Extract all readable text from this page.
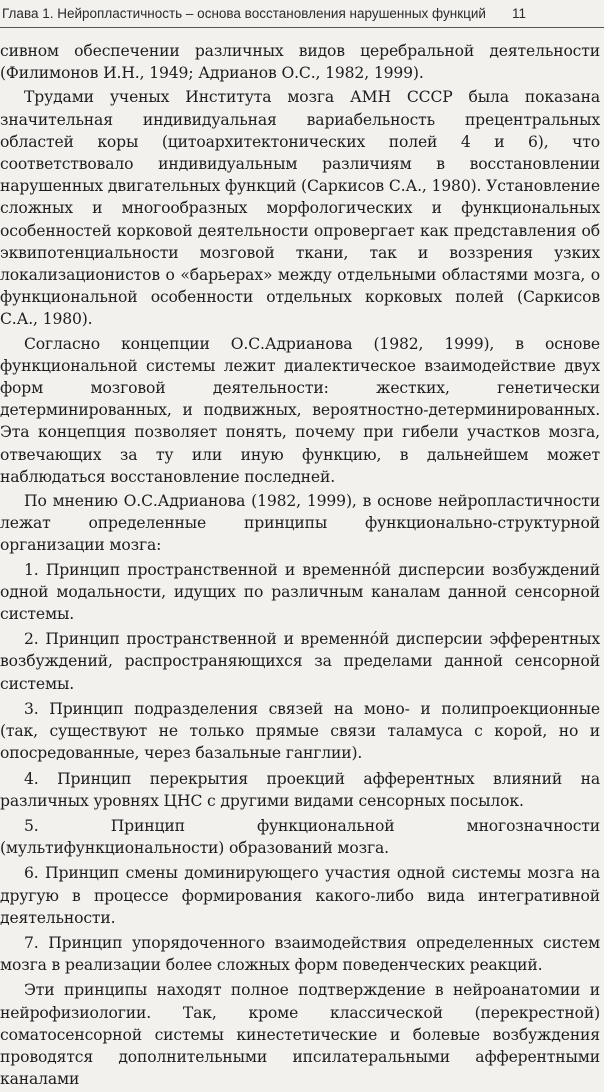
Глава 1. Нейропластичность – основа восстановления нарушенных функций 11

сивном обеспечении различных видов церебральной деятельности (Филимонов И.Н., 1949; Адрианов О.С., 1982, 1999).

Трудами ученых Института мозга АМН СССР была показана значительная индивидуальная вариабельность прецентральных областей коры (цитоархитектонических полей 4 и 6), что соответствовало индивидуальным различиям в восстановлении нарушенных двигательных функций (Саркисов С.А., 1980). Установление сложных и многообразных морфологических и функциональных особенностей корковой деятельности опровергает как представления об эквипотенциальности мозговой ткани, так и воззрения узких локализационистов о «барьерах» между отдельными областями мозга, о функциональной особенности отдельных корковых полей (Саркисов С.А., 1980).

Согласно концепции О.С.Адрианова (1982, 1999), в основе функциональной системы лежит диалектическое взаимодействие двух форм мозговой деятельности: жестких, генетически детерминированных, и подвижных, вероятностно-детерминированных. Эта концепция позволяет понять, почему при гибели участков мозга, отвечающих за ту или иную функцию, в дальнейшем может наблюдаться восстановление последней.

По мнению О.С.Адрианова (1982, 1999), в основе нейропластичности лежат определенные принципы функционально-структурной организации мозга:

1. Принцип пространственной и временнóй дисперсии возбуждений одной модальности, идущих по различным каналам данной сенсорной системы.

2. Принцип пространственной и временнóй дисперсии эфферентных возбуждений, распространяющихся за пределами данной сенсорной системы.

3. Принцип подразделения связей на моно- и полипроекционные (так, существуют не только прямые связи таламуса с корой, но и опосредованные, через базальные ганглии).

4. Принцип перекрытия проекций афферентных влияний на различных уровнях ЦНС с другими видами сенсорных посылок.

5. Принцип функциональной многозначности (мультифункциональности) образований мозга.

6. Принцип смены доминирующего участия одной системы мозга на другую в процессе формирования какого-либо вида интегративной деятельности.

7. Принцип упорядоченного взаимодействия определенных систем мозга в реализации более сложных форм поведенческих реакций.

Эти принципы находят полное подтверждение в нейроанатомии и нейрофизиологии. Так, кроме классической (перекрестной) соматосенсорной системы кинестетические и болевые возбуждения проводятся дополнительными ипсилатеральными афферентными каналами
